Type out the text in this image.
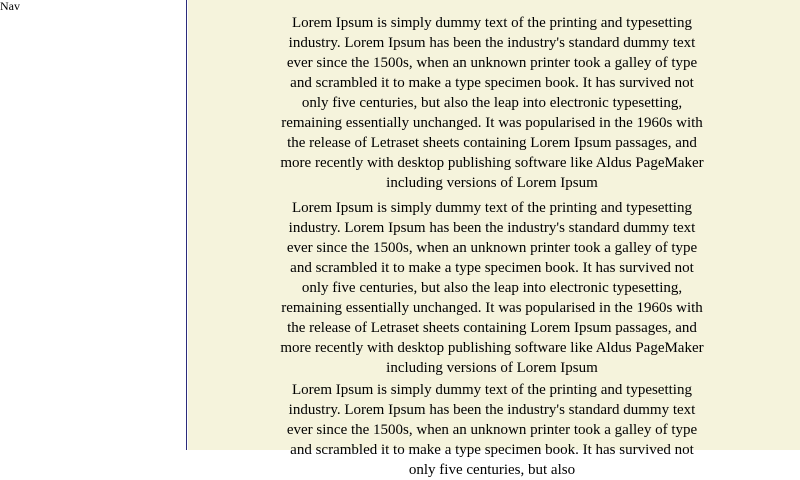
Nav

Lorem Ipsum is simply dummy text of the printing and typesetting industry. Lorem Ipsum has been the industry's standard dummy text ever since the 1500s, when an unknown printer took a galley of type and scrambled it to make a type specimen book. It has survived not only five centuries, but also the leap into electronic typesetting, remaining essentially unchanged. It was popularised in the 1960s with the release of Letraset sheets containing Lorem Ipsum passages, and more recently with desktop publishing software like Aldus PageMaker including versions of Lorem Ipsum

Lorem Ipsum is simply dummy text of the printing and typesetting industry. Lorem Ipsum has been the industry's standard dummy text ever since the 1500s, when an unknown printer took a galley of type and scrambled it to make a type specimen book. It has survived not only five centuries, but also the leap into electronic typesetting, remaining essentially unchanged. It was popularised in the 1960s with the release of Letraset sheets containing Lorem Ipsum passages, and more recently with desktop publishing software like Aldus PageMaker including versions of Lorem Ipsum

Lorem Ipsum is simply dummy text of the printing and typesetting industry. Lorem Ipsum has been the industry's standard dummy text ever since the 1500s, when an unknown printer took a galley of type and scrambled it to make a type specimen book. It has survived not only five centuries, but also
